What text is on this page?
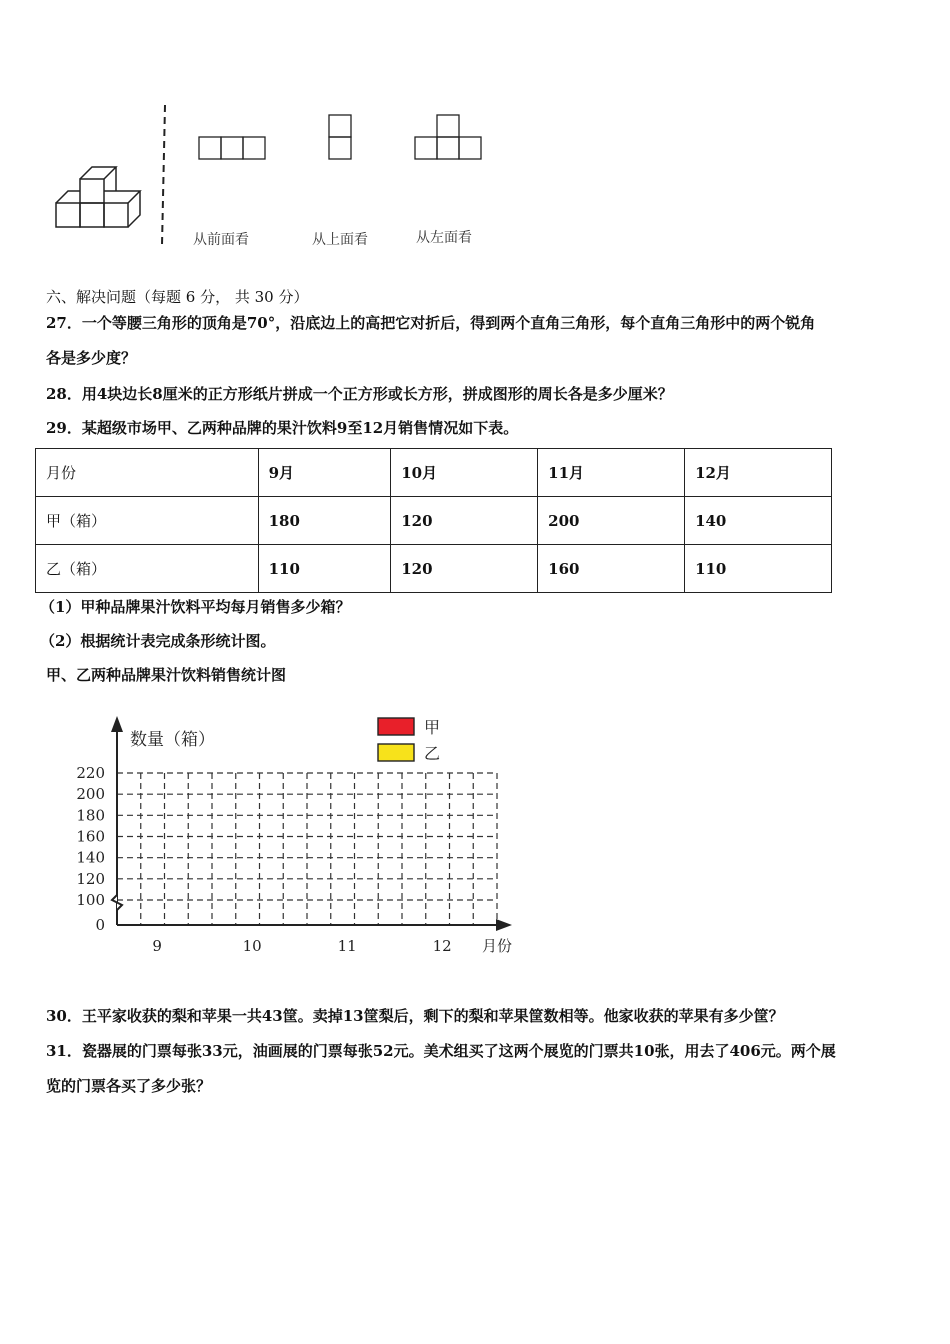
从前面看	从上面看	从左面看
六、解决问题（每题 6 分， 共 30 分）
27．一个等腰三角形的顶角是70°，沿底边上的高把它对折后，得到两个直角三角形，每个直角三角形中的两个锐角
各是多少度？
28．用4块边长8厘米的正方形纸片拼成一个正方形或长方形，拼成图形的周长各是多少厘米？
29．某超级市场甲、乙两种品牌的果汁饮料9至12月销售情况如下表。
月份	9月	10月	11月	12月
甲（箱）	180	120	200	140
乙（箱）	110	120	160	110
（1）甲种品牌果汁饮料平均每月销售多少箱？
（2）根据统计表完成条形统计图。
甲、乙两种品牌果汁饮料销售统计图
220
200
180
160
140
120
100
0
9	10	11	12
数量（箱）
月份
甲
乙
30．王平家收获的梨和苹果一共43筐。卖掉13筐梨后，剩下的梨和苹果筐数相等。他家收获的苹果有多少筐？
31．瓷器展的门票每张33元，油画展的门票每张52元。美术组买了这两个展览的门票共10张，用去了406元。两个展
览的门票各买了多少张？
